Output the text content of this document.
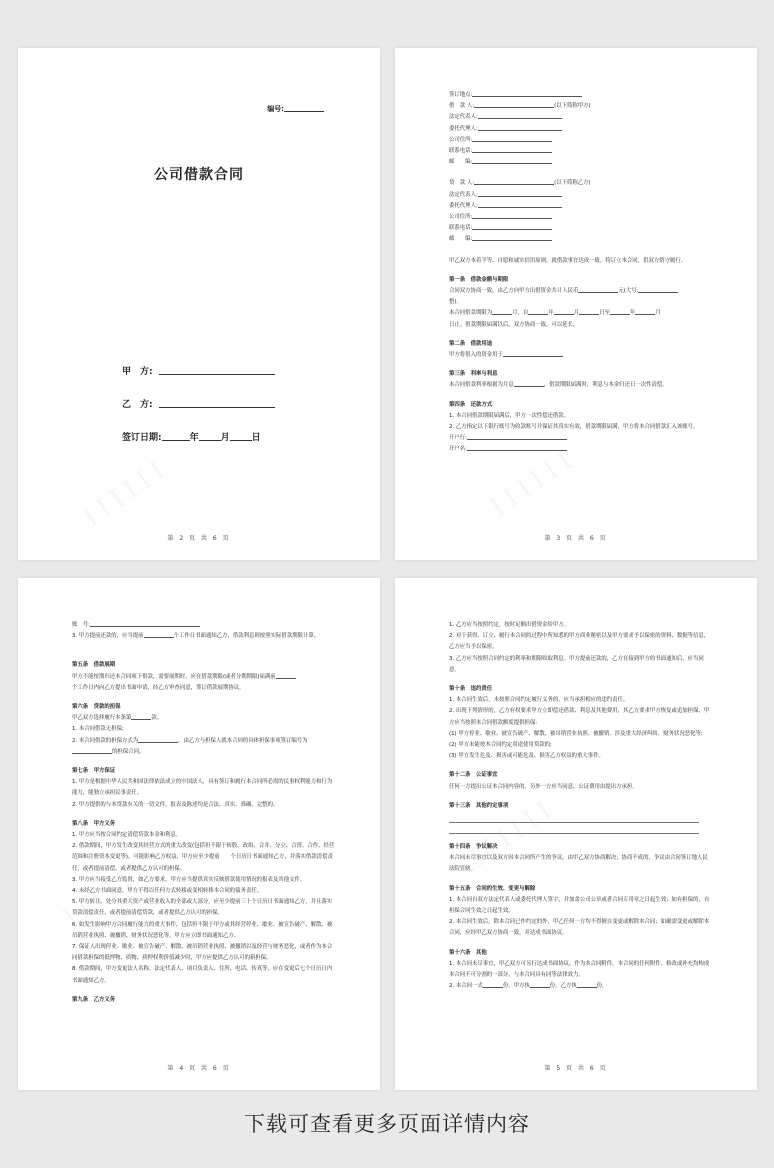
编号:
公司借款合同
甲　方:
乙　方:
签订日期:	年 月 日
第 2 页 共 6 页
签订地点:
借　款 人:	(以下简称甲方)
法定代表人:
委托代理人:
公司住所:
联系电话:
邮　　编:
贷　款 人:	(以下简称乙方)
法定代表人:
委托代理人:
公司住所:
联系电话:
邮　　编:
甲乙双方本着平等、自愿和诚实信用原则，就借款事宜达成一致，特订立本合同，供双方恪守履行。
第一条　借款金额与期限
合同双方协商一致，由乙方向甲方出借资金共计人民币	元(大写:
整)。
本合同借款期限为	月，自	年	月	日至	年	月
日止。借款期限届满以后，双方协商一致，可以延长。
第二条　借款用途
甲方将借入的资金用于
第三条　利率与利息
本合同借款利率根据为月息	，借款期限届满时，利息与本金归还日一次性清偿。
第四条　还款方式
1. 本合同借款期限届满后，甲方一次性偿还借款。
2. 乙方指定以下银行账号为收款账号并保证其真实有效，借款期限届满，甲方将本合同借款汇入该账号。
开户行:
开户名:
第 3 页 共 6 页
账　号:
3. 甲方提前还款的，应当提前	个工作日书面通知乙方，借款利息则按照实际借款期限计算。
第五条　借款展期
甲方不能按期归还本合同项下借款，需要展期时，应在借款期限(或者分期期限)届满前
个工作日内向乙方提出书面申请，经乙方审查同意，签订借款展期协议。
第六条　贷款的担保
甲乙双方选择履行本条第	款。
1. 本合同借款无担保;
2. 本合同借款的担保方式为	，由乙方与担保人就本合同的具体担保事项签订编号为
的担保合同。
第七条　甲方保证
1. 甲方是根据中华人民共和国法律依法成立的中国法人，具有签订和履行本合同所必需的民事权利能力和行为能力，能独立承担民事责任。
2. 甲方提供的与本贷款有关的一切文件、报表及陈述均是合法、真实、准确、完整的。
第八条　甲方义务
1. 甲方应当按合同约定清偿贷款本金和利息。
2. 借款期间，甲方发生改变其经营方式的重大改变(包括但不限于转股、改组、合并、分立、合资、合作、经营范围和注册资本变更等)，可能影响乙方权益，甲方应至少提前　　个日历日书面通知乙方，并落实借款清偿责任，或者提前清偿，或者提供乙方认可的担保。
3. 甲方应当接受乙方监督，如乙方要求，甲方应当提供真实反映借款使用情况的报表及其他文件。
4. 未经乙方书面同意，甲方不得以任何方式转移或变相转移本合同的债务责任。
5. 甲方转让、处分其重大资产或营业收入的全部或大部分，应至少提前三十个日历日书面通知乙方，并且落实贷款清偿责任，或者提前清偿贷款，或者提供乙方认可的担保。
6. 如发生影响甲方合同履行能力的重大事件，包括但不限于甲方或其经营停业、歇业、被宣告破产、解散、被吊销营业执照、被撤销、财务状况恶化等，甲方应立即书面通知乙方。
7. 保证人出现停业、歇业、被宣告破产、解散、被吊销营业执照、被撤销以及经营与财务恶化，或者作为本合同借款担保的抵押物、质物、质押权利价值减少时，甲方应提供乙方认可的新担保。
8. 借款期间，甲方变更法人名称、法定代表人、项目负责人、住所、电话、传真等，应在变更后七个日历日内书面通知乙方。
第九条　乙方义务
第 4 页 共 6 页
1. 乙方应当按照约定，按时足额出借资金给甲方。
2. 对于获得、订立、履行本合同的过程中所知悉的甲方商业秘密以及甲方要求予以保密的资料、数据等信息，乙方应当予以保密。
3. 乙方应当按照合同约定的利率和期限收取利息。甲方提前还款的，乙方在接到甲方的书面通知后，应当同意。
第十条　违约责任
1. 本合同生效后，未按照合同约定履行义务的，应当承担相应的违约责任。
2. 出现下列情形的，乙方有权要求甲方立即偿还借款、利息及其他费用，其乙方要求甲方恢复或追加担保，甲方应当按照本合同借款额度提供担保:
(1) 甲方停业、歇业、被宣告破产、解散、被吊销营业执照、被撤销、涉及重大经济纠纷、财务状况恶化等;
(2) 甲方未能按本合同约定用途使用贷款的;
(3) 甲方发生危及、损害或可能危及、损害乙方权益的重大事件。
第十二条　公证事宜
任何一方提出公证本合同内容的，另外一方应当同意，公证费用由提出方承担。
第十三条　其他约定事项
第十四条　争议解决
本合同未尽事宜以及双方因本合同所产生的争议，由甲乙双方协商解决；协商不成的，争议由合同签订地人民法院管辖。
第十五条　合同的生效、变更与解除
1. 本合同自双方法定代表人或委托代理人签字，并加盖公司公章或者合同专用章之日起生效；如有担保的，自担保合同生效之日起生效。
2. 本合同生效后，除本合同已作约定的外，甲乙任何一方均不得擅自变更或解除本合同；如确需变更或解除本合同，应经甲乙双方协商一致，并达成书面协议。
第十六条　其他
1. 本合同未尽事宜，甲乙双方可另行达成书面协议，作为本合同附件，本合同的任何附件、修改或补充均构成本合同不可分割的一部分，与本合同具有同等法律效力。
2. 本合同一式	份，甲方执	份，乙方执	份。
第 5 页 共 6 页
下载可查看更多页面详情内容
